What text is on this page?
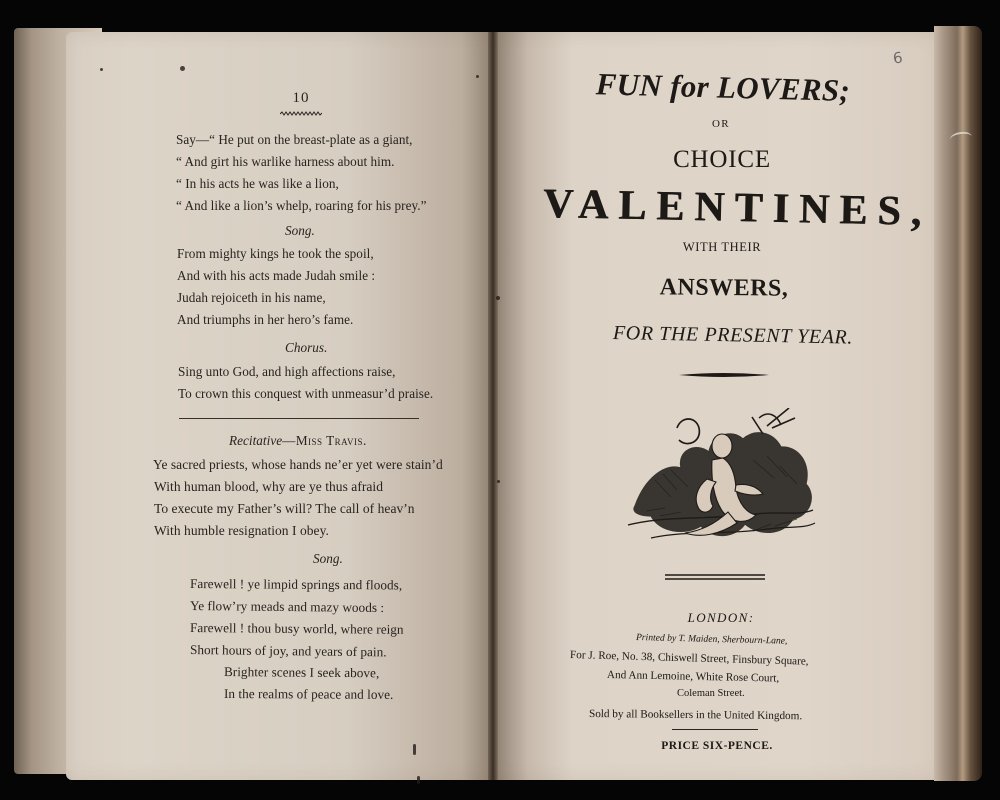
10
Say—“ He put on the breast-plate as a giant,
“ And girt his warlike harness about him.
“ In his acts he was like a lion,
“ And like a lion’s whelp, roaring for his prey.”
Song.
From mighty kings he took the spoil,
And with his acts made Judah smile :
Judah rejoiceth in his name,
And triumphs in her hero’s fame.
Chorus.
Sing unto God, and high affections raise,
To crown this conquest with unmeasur’d praise.
Recitative—Miss Travis.
Ye sacred priests, whose hands ne’er yet were stain’d
With human blood, why are ye thus afraid
To execute my Father’s will? The call of heav’n
With humble resignation I obey.
Song.
Farewell ! ye limpid springs and floods,
Ye flow’ry meads and mazy woods :
Farewell ! thou busy world, where reign
Short hours of joy, and years of pain.
Brighter scenes I seek above,
In the realms of peace and love.
6
FUN for LOVERS;
OR
CHOICE
VALENTINES,
WITH THEIR
ANSWERS,
FOR THE PRESENT YEAR.
LONDON:
Printed by T. Maiden, Sherbourn-Lane,
For J. Roe, No. 38, Chiswell Street, Finsbury Square,
And Ann Lemoine, White Rose Court,
Coleman Street.
Sold by all Booksellers in the United Kingdom.
PRICE SIX-PENCE.
